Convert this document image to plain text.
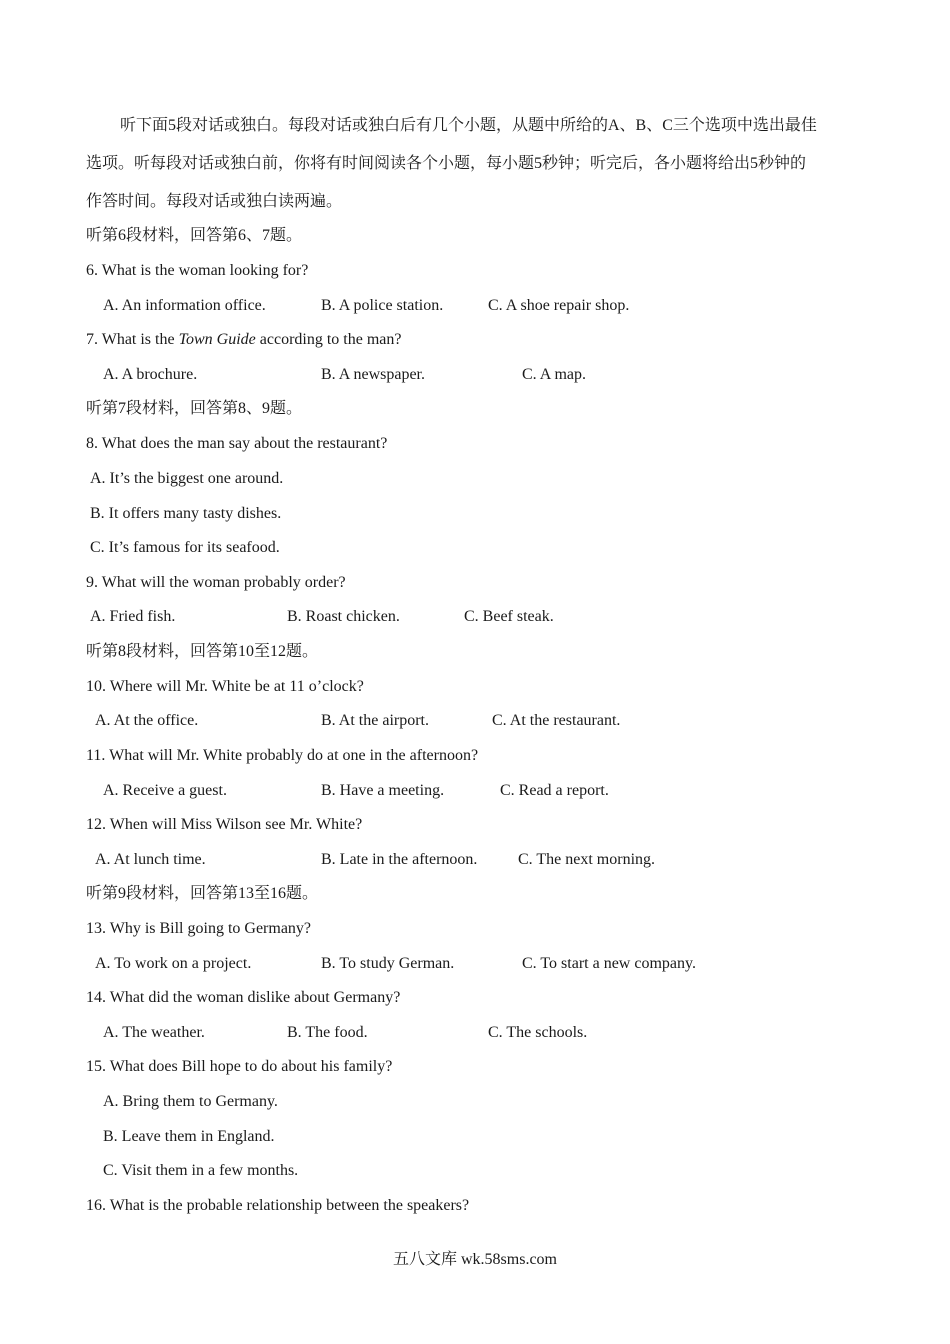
听下面5段对话或独白。每段对话或独白后有几个小题，从题中所给的A、B、C三个选项中选出最佳
选项。听每段对话或独白前，你将有时间阅读各个小题，每小题5秒钟；听完后，各小题将给出5秒钟的
作答时间。每段对话或独白读两遍。
听第6段材料，回答第6、7题。
6. What is the woman looking for?
A. An information office.	B. A police station.	C. A shoe repair shop.
7. What is the Town Guide according to the man?
A. A brochure.	B. A newspaper.	C. A map.
听第7段材料，回答第8、9题。
8. What does the man say about the restaurant?
A. It’s the biggest one around.
B. It offers many tasty dishes.
C. It’s famous for its seafood.
9. What will the woman probably order?
A. Fried fish.	B. Roast chicken.	C. Beef steak.
听第8段材料，回答第10至12题。
10. Where will Mr. White be at 11 o’clock?
A. At the office.	B. At the airport.	C. At the restaurant.
11. What will Mr. White probably do at one in the afternoon?
A. Receive a guest.	B. Have a meeting.	C. Read a report.
12. When will Miss Wilson see Mr. White?
A. At lunch time.	B. Late in the afternoon.	C. The next morning.
听第9段材料，回答第13至16题。
13. Why is Bill going to Germany?
A. To work on a project.	B. To study German.	C. To start a new company.
14. What did the woman dislike about Germany?
A. The weather.	B. The food.	C. The schools.
15. What does Bill hope to do about his family?
A. Bring them to Germany.
B. Leave them in England.
C. Visit them in a few months.
16. What is the probable relationship between the speakers?
五八文库 wk.58sms.com
